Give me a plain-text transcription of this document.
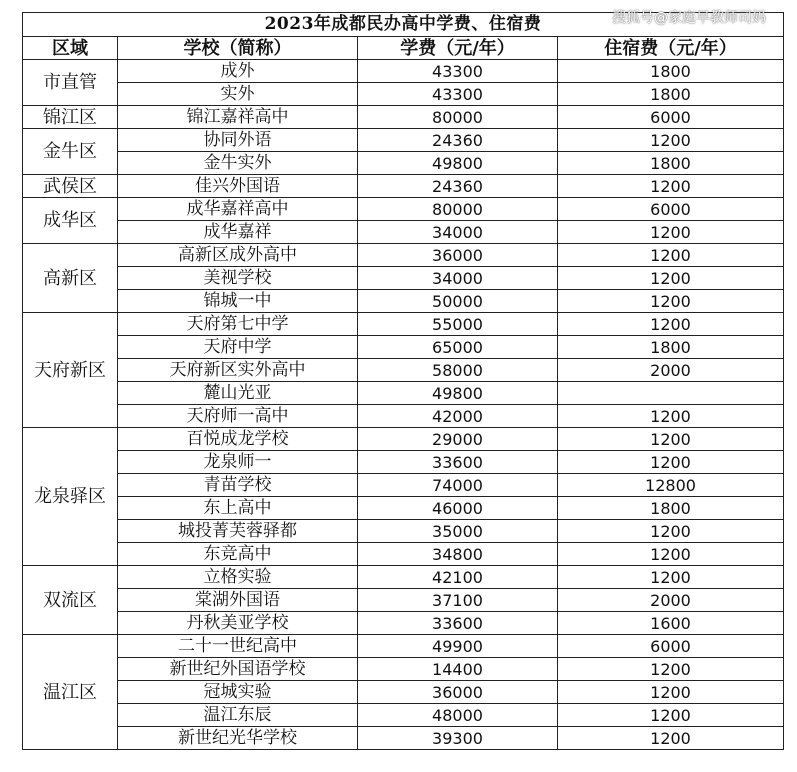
2023年成都民办高中学费、住宿费			
区域	学校（简称）	学费（元/年）	住宿费（元/年）
市直管	成外	43300	1800
	实外	43300	1800
锦江区	锦江嘉祥高中	80000	6000
金牛区	协同外语	24360	1200
	金牛实外	49800	1800
武侯区	佳兴外国语	24360	1200
成华区	成华嘉祥高中	80000	6000
	成华嘉祥	34000	1200
高新区	高新区成外高中	36000	1200
	美视学校	34000	1200
	锦城一中	50000	1200
天府新区	天府第七中学	55000	1200
	天府中学	65000	1800
	天府新区实外高中	58000	2000
	麓山光亚	49800	
	天府师一高中	42000	1200
龙泉驿区	百悦成龙学校	29000	1200
	龙泉师一	33600	1200
	青苗学校	74000	12800
	东上高中	46000	1800
	城投菁芙蓉驿都	35000	1200
	东竞高中	34800	1200
双流区	立格实验	42100	1200
	棠湖外国语	37100	2000
	丹秋美亚学校	33600	1600
温江区	二十一世纪高中	49900	6000
	新世纪外国语学校	14400	1200
	冠城实验	36000	1200
	温江东辰	48000	1200
	新世纪光华学校	39300	1200
搜狐号@家庭早教师司妈
